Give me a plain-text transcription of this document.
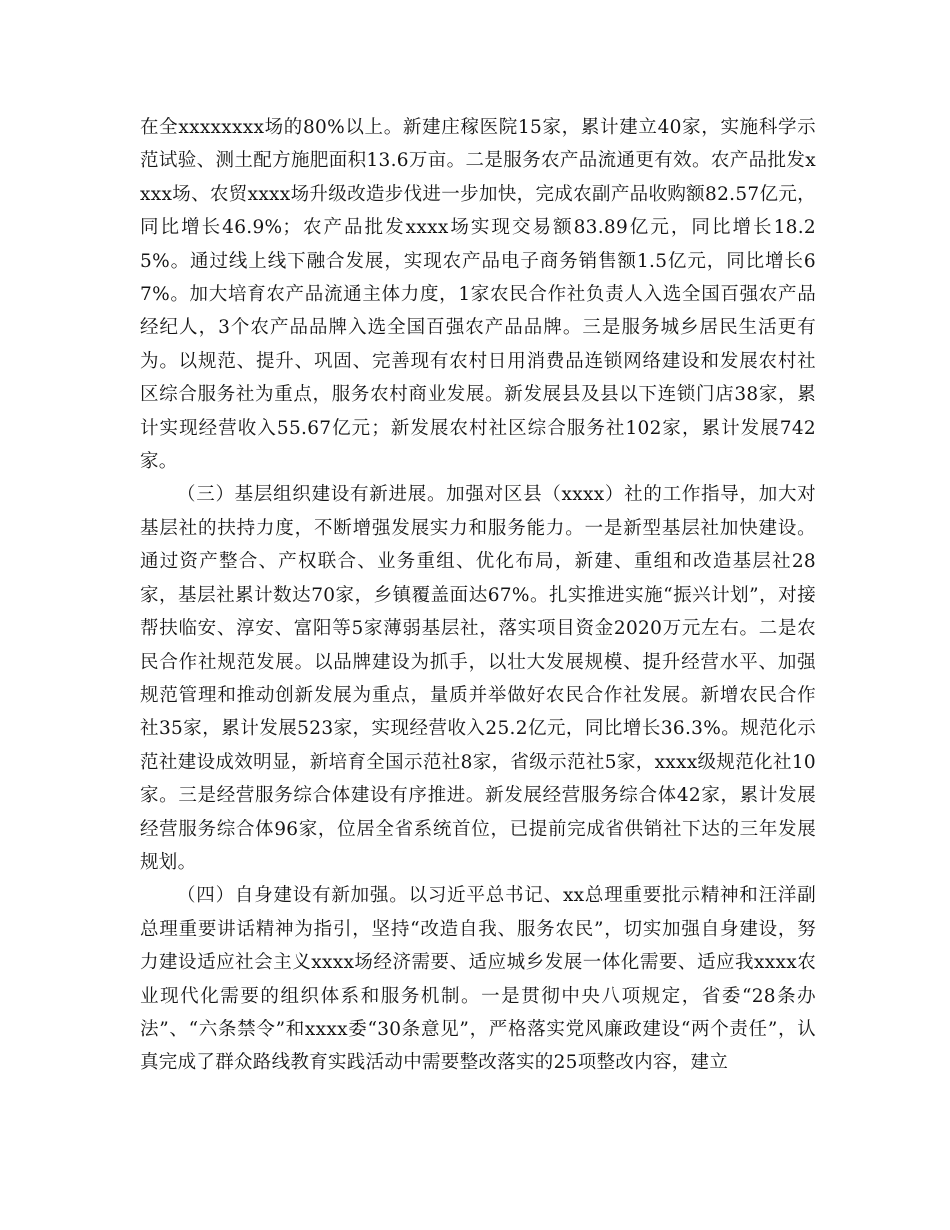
在全xxxxxxxx场的80%以上。新建庄稼医院15家，累计建立40家，实施科学示范试验、测土配方施肥面积13.6万亩。二是服务农产品流通更有效。农产品批发xxxx场、农贸xxxx场升级改造步伐进一步加快，完成农副产品收购额82.57亿元，同比增长46.9%；农产品批发xxxx场实现交易额83.89亿元，同比增长18.25%。通过线上线下融合发展，实现农产品电子商务销售额1.5亿元，同比增长67%。加大培育农产品流通主体力度，1家农民合作社负责人入选全国百强农产品经纪人，3个农产品品牌入选全国百强农产品品牌。三是服务城乡居民生活更有为。以规范、提升、巩固、完善现有农村日用消费品连锁网络建设和发展农村社区综合服务社为重点，服务农村商业发展。新发展县及县以下连锁门店38家，累计实现经营收入55.67亿元；新发展农村社区综合服务社102家，累计发展742家。

（三）基层组织建设有新进展。加强对区县（xxxx）社的工作指导，加大对基层社的扶持力度，不断增强发展实力和服务能力。一是新型基层社加快建设。通过资产整合、产权联合、业务重组、优化布局，新建、重组和改造基层社28家，基层社累计数达70家，乡镇覆盖面达67%。扎实推进实施“振兴计划”，对接帮扶临安、淳安、富阳等5家薄弱基层社，落实项目资金2020万元左右。二是农民合作社规范发展。以品牌建设为抓手，以壮大发展规模、提升经营水平、加强规范管理和推动创新发展为重点，量质并举做好农民合作社发展。新增农民合作社35家，累计发展523家，实现经营收入25.2亿元，同比增长36.3%。规范化示范社建设成效明显，新培育全国示范社8家，省级示范社5家，xxxx级规范化社10家。三是经营服务综合体建设有序推进。新发展经营服务综合体42家，累计发展经营服务综合体96家，位居全省系统首位，已提前完成省供销社下达的三年发展规划。

（四）自身建设有新加强。以习近平总书记、xx总理重要批示精神和汪洋副总理重要讲话精神为指引，坚持“改造自我、服务农民”，切实加强自身建设，努力建设适应社会主义xxxx场经济需要、适应城乡发展一体化需要、适应我xxxx农业现代化需要的组织体系和服务机制。一是贯彻中央八项规定，省委“28条办法”、“六条禁令”和xxxx委“30条意见”，严格落实党风廉政建设“两个责任”，认真完成了群众路线教育实践活动中需要整改落实的25项整改内容，建立
